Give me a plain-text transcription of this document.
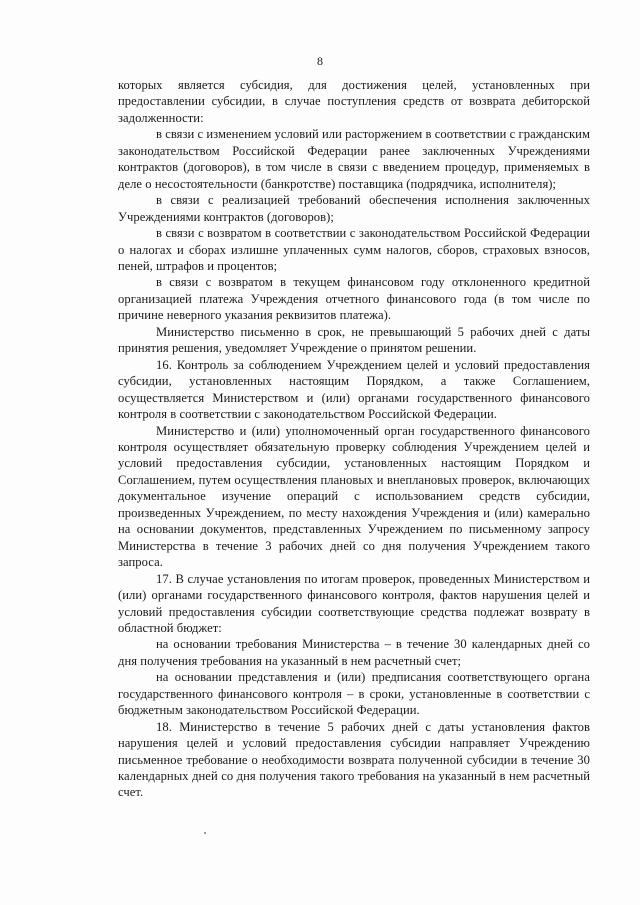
8

которых является субсидия, для достижения целей, установленных при предоставлении субсидии, в случае поступления средств от возврата дебиторской задолженности:

в связи с изменением условий или расторжением в соответствии с гражданским законодательством Российской Федерации ранее заключенных Учреждениями контрактов (договоров), в том числе в связи с введением процедур, применяемых в деле о несостоятельности (банкротстве) поставщика (подрядчика, исполнителя);

в связи с реализацией требований обеспечения исполнения заключенных Учреждениями контрактов (договоров);

в связи с возвратом в соответствии с законодательством Российской Федерации о налогах и сборах излишне уплаченных сумм налогов, сборов, страховых взносов, пеней, штрафов и процентов;

в связи с возвратом в текущем финансовом году отклоненного кредитной организацией платежа Учреждения отчетного финансового года (в том числе по причине неверного указания реквизитов платежа).

Министерство письменно в срок, не превышающий 5 рабочих дней с даты принятия решения, уведомляет Учреждение о принятом решении.

16. Контроль за соблюдением Учреждением целей и условий предоставления субсидии, установленных настоящим Порядком, а также Соглашением, осуществляется Министерством и (или) органами государственного финансового контроля в соответствии с законодательством Российской Федерации.

Министерство и (или) уполномоченный орган государственного финансового контроля осуществляет обязательную проверку соблюдения Учреждением целей и условий предоставления субсидии, установленных настоящим Порядком и Соглашением, путем осуществления плановых и внеплановых проверок, включающих документальное изучение операций с использованием средств субсидии, произведенных Учреждением, по месту нахождения Учреждения и (или) камерально на основании документов, представленных Учреждением по письменному запросу Министерства в течение 3 рабочих дней со дня получения Учреждением такого запроса.

17. В случае установления по итогам проверок, проведенных Министерством и (или) органами государственного финансового контроля, фактов нарушения целей и условий предоставления субсидии соответствующие средства подлежат возврату в областной бюджет:

на основании требования Министерства – в течение 30 календарных дней со дня получения требования на указанный в нем расчетный счет;

на основании представления и (или) предписания соответствующего органа государственного финансового контроля – в сроки, установленные в соответствии с бюджетным законодательством Российской Федерации.

18. Министерство в течение 5 рабочих дней с даты установления фактов нарушения целей и условий предоставления субсидии направляет Учреждению письменное требование о необходимости возврата полученной субсидии в течение 30 календарных дней со дня получения такого требования на указанный в нем расчетный счет.
